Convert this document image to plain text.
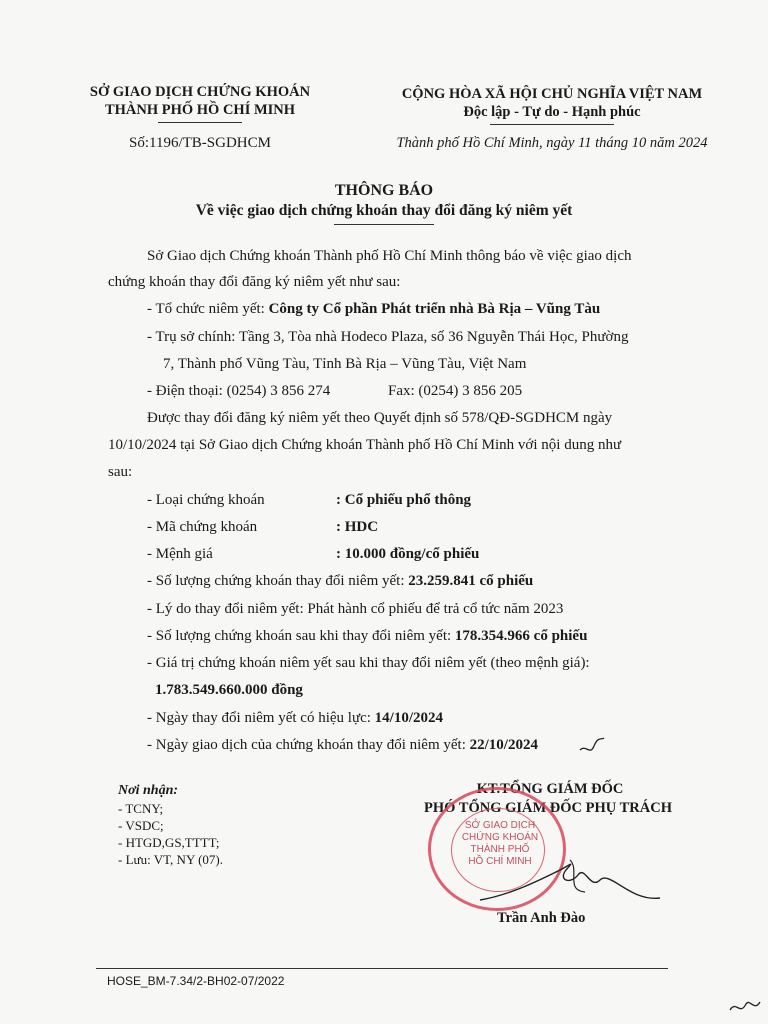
SỞ GIAO DỊCH CHỨNG KHOÁN
THÀNH PHỐ HỒ CHÍ MINH
Số:1196/TB-SGDHCM
CỘNG HÒA XÃ HỘI CHỦ NGHĨA VIỆT NAM
Độc lập - Tự do - Hạnh phúc
Thành phố Hồ Chí Minh, ngày 11 tháng 10 năm 2024
THÔNG BÁO
Về việc giao dịch chứng khoán thay đổi đăng ký niêm yết
Sở Giao dịch Chứng khoán Thành phố Hồ Chí Minh thông báo về việc giao dịch
chứng khoán thay đổi đăng ký niêm yết như sau:
- Tổ chức niêm yết: Công ty Cổ phần Phát triển nhà Bà Rịa – Vũng Tàu
- Trụ sở chính: Tầng 3, Tòa nhà Hodeco Plaza, số 36 Nguyễn Thái Học, Phường
7, Thành phố Vũng Tàu, Tỉnh Bà Rịa – Vũng Tàu, Việt Nam
- Điện thoại: (0254) 3 856 274	Fax: (0254) 3 856 205
Được thay đổi đăng ký niêm yết theo Quyết định số 578/QĐ-SGDHCM ngày
10/10/2024 tại Sở Giao dịch Chứng khoán Thành phố Hồ Chí Minh với nội dung như
sau:
- Loại chứng khoán	: Cổ phiếu phổ thông
- Mã chứng khoán	: HDC
- Mệnh giá	: 10.000 đồng/cổ phiếu
- Số lượng chứng khoán thay đổi niêm yết: 23.259.841 cổ phiếu
- Lý do thay đổi niêm yết: Phát hành cổ phiếu để trả cổ tức năm 2023
- Số lượng chứng khoán sau khi thay đổi niêm yết: 178.354.966 cổ phiếu
- Giá trị chứng khoán niêm yết sau khi thay đổi niêm yết (theo mệnh giá):
1.783.549.660.000 đồng
- Ngày thay đổi niêm yết có hiệu lực: 14/10/2024
- Ngày giao dịch của chứng khoán thay đổi niêm yết: 22/10/2024
Nơi nhận:
- TCNY;
- VSDC;
- HTGD,GS,TTTT;
- Lưu: VT, NY (07).
KT.TỔNG GIÁM ĐỐC
PHÓ TỔNG GIÁM ĐỐC PHỤ TRÁCH
SỞ GIAO DỊCH
CHỨNG KHOÁN
THÀNH PHỐ
HỒ CHÍ MINH
Trần Anh Đào
HOSE_BM-7.34/2-BH02-07/2022
